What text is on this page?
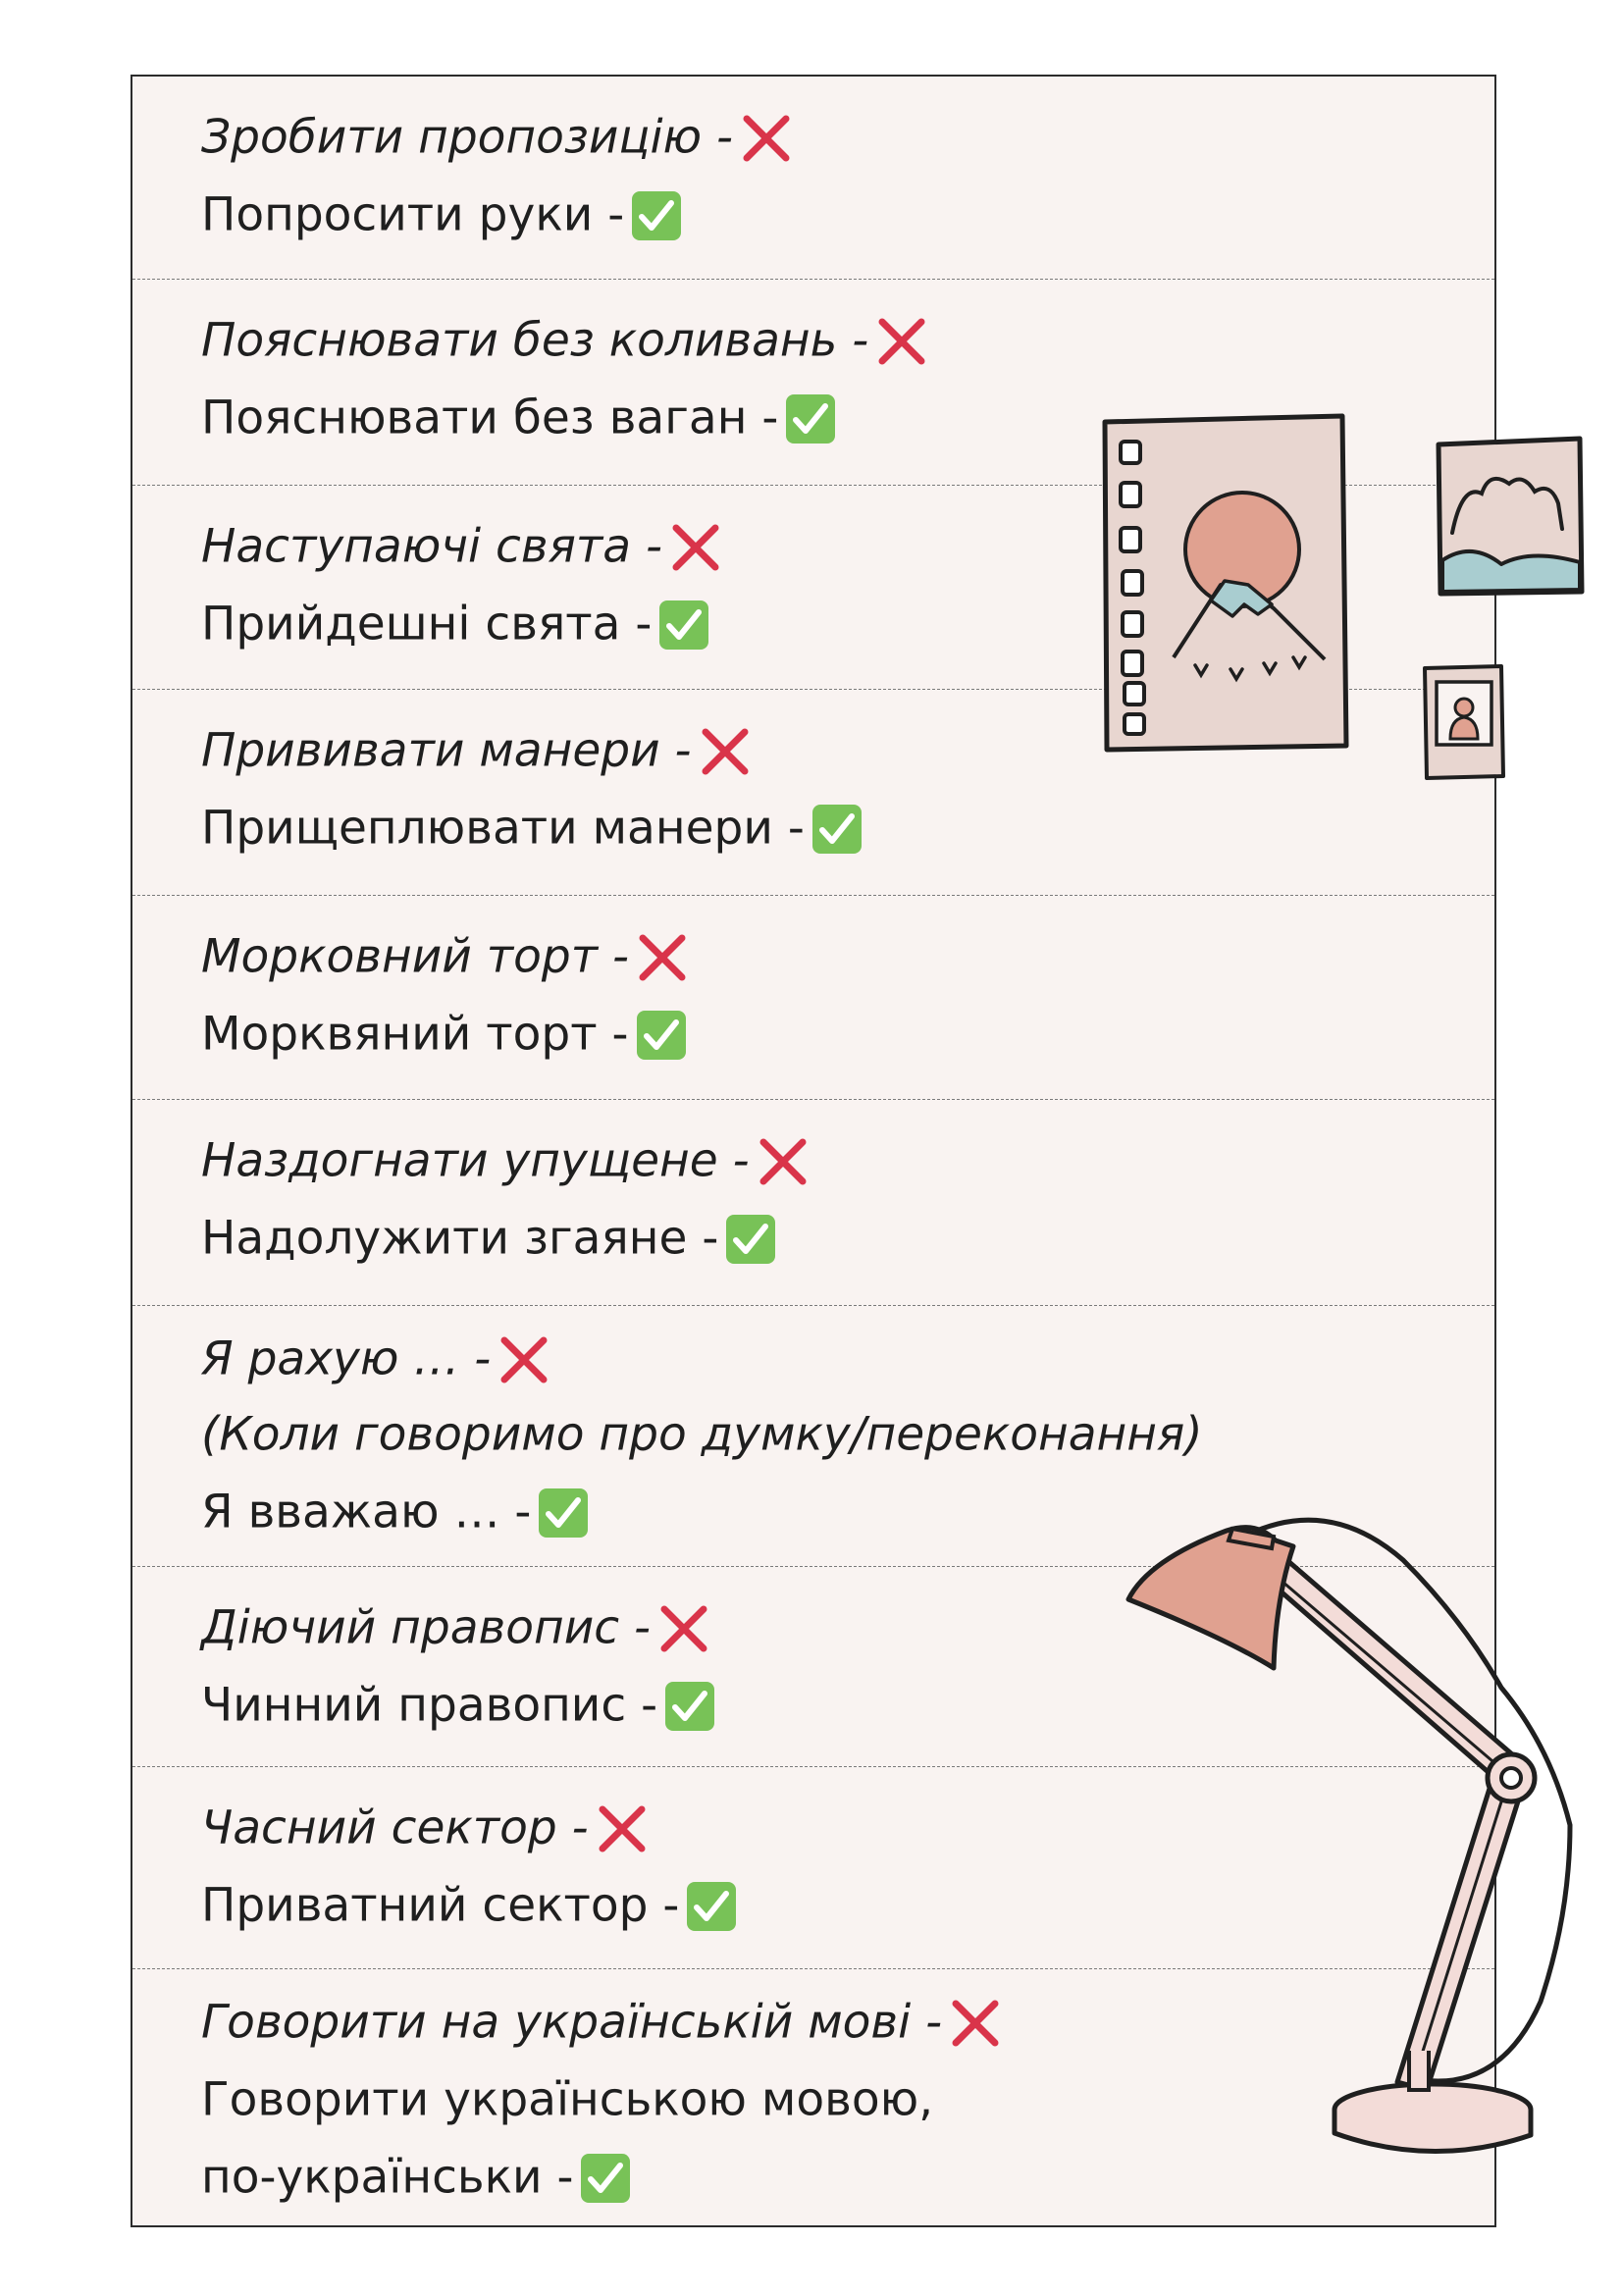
Зробити пропозицію -
Попросити руки -
Пояснювати без коливань -
Пояснювати без ваган -
Наступаючі свята -
Прийдешні свята -
Прививати манери -
Прищеплювати манери -
Морковний торт -
Морквяний торт -
Наздогнати упущене -
Надолужити згаяне -
Я рахую … -
(Коли говоримо про думку/переконання)
Я вважаю … -
Діючий правопис -
Чинний правопис -
Часний сектор -
Приватний сектор -
Говорити на українській мові -
Говорити українською мовою,
по-українськи -
